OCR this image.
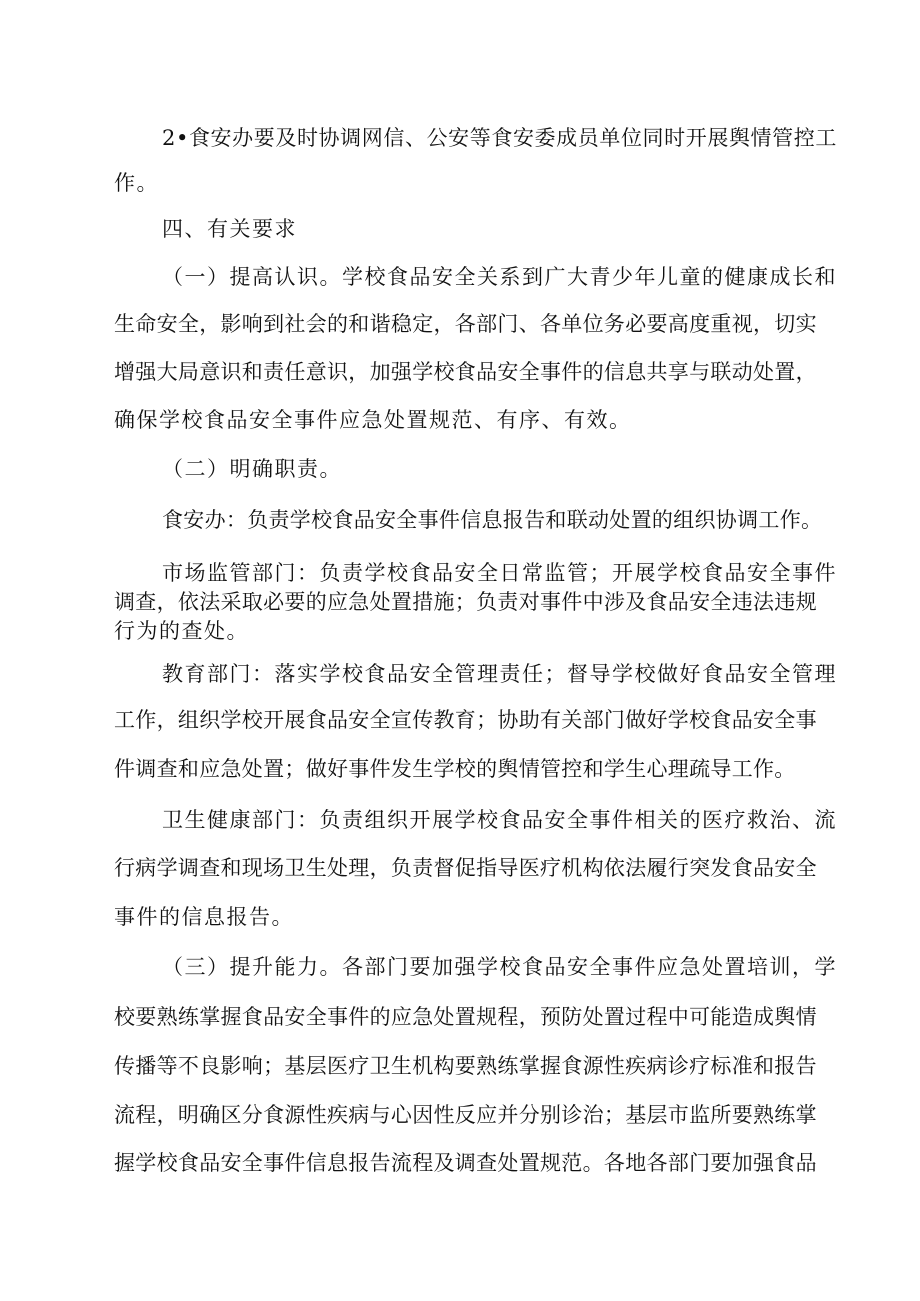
2•食安办要及时协调网信、公安等食安委成员单位同时开展舆情管控工
作。
四、有关要求
（一）提高认识。学校食品安全关系到广大青少年儿童的健康成长和
生命安全，影响到社会的和谐稳定，各部门、各单位务必要高度重视，切实
增强大局意识和责任意识，加强学校食品安全事件的信息共享与联动处置，
确保学校食品安全事件应急处置规范、有序、有效。
（二）明确职责。
食安办：负责学校食品安全事件信息报告和联动处置的组织协调工作。
市场监管部门：负责学校食品安全日常监管；开展学校食品安全事件
调查，依法采取必要的应急处置措施；负责对事件中涉及食品安全违法违规
行为的查处。
教育部门：落实学校食品安全管理责任；督导学校做好食品安全管理
工作，组织学校开展食品安全宣传教育；协助有关部门做好学校食品安全事
件调查和应急处置；做好事件发生学校的舆情管控和学生心理疏导工作。
卫生健康部门：负责组织开展学校食品安全事件相关的医疗救治、流
行病学调查和现场卫生处理，负责督促指导医疗机构依法履行突发食品安全
事件的信息报告。
（三）提升能力。各部门要加强学校食品安全事件应急处置培训，学
校要熟练掌握食品安全事件的应急处置规程，预防处置过程中可能造成舆情
传播等不良影响；基层医疗卫生机构要熟练掌握食源性疾病诊疗标准和报告
流程，明确区分食源性疾病与心因性反应并分别诊治；基层市监所要熟练掌
握学校食品安全事件信息报告流程及调查处置规范。各地各部门要加强食品
